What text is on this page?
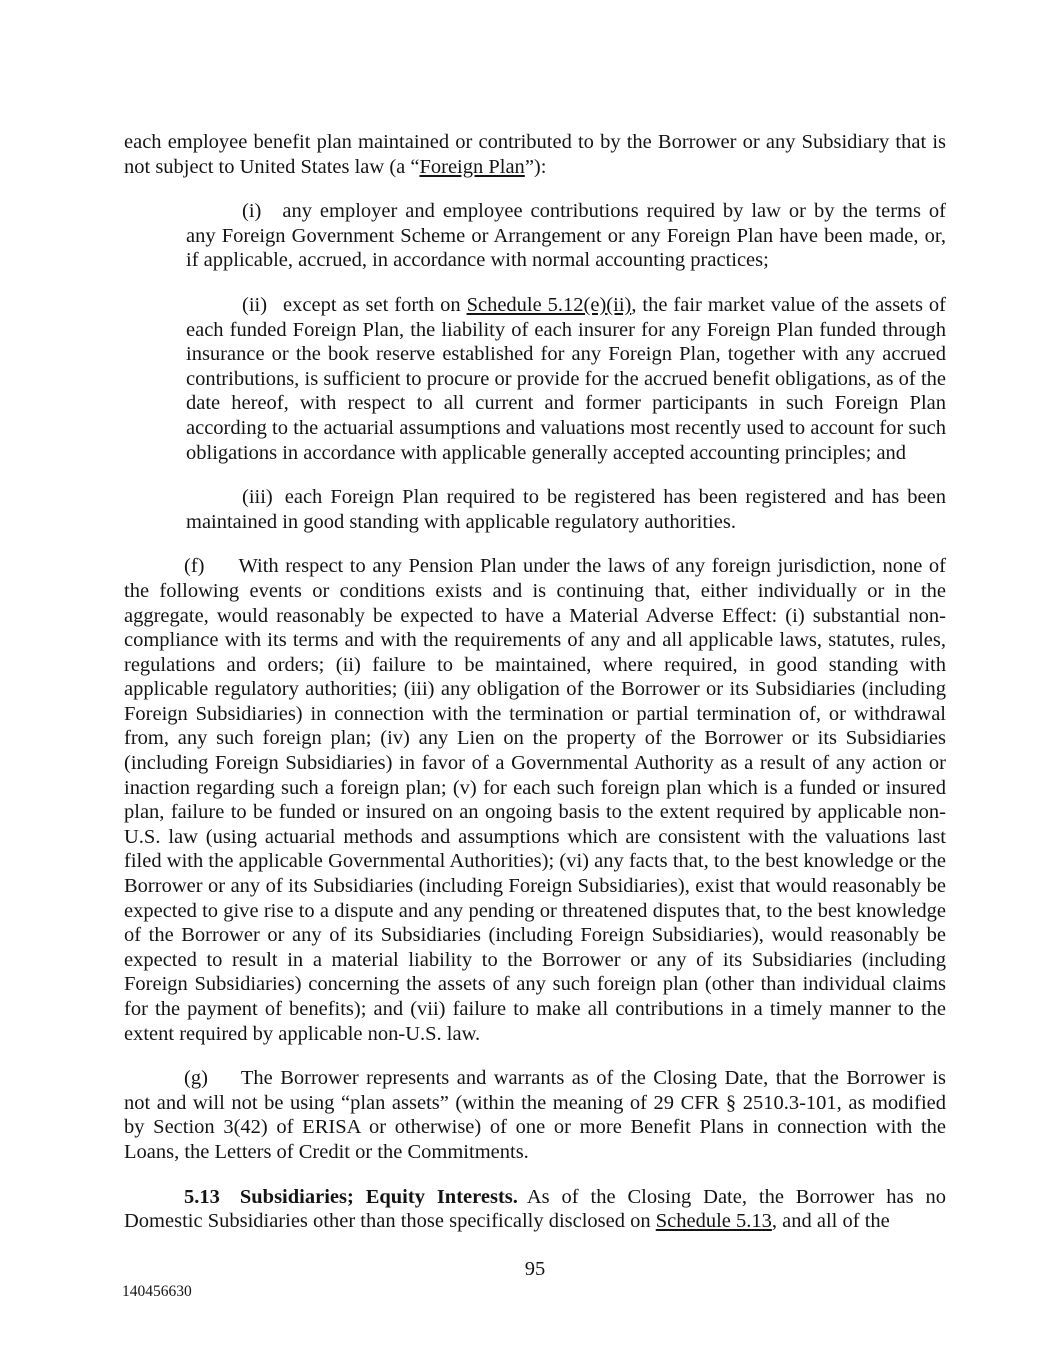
each employee benefit plan maintained or contributed to by the Borrower or any Subsidiary that is not subject to United States law (a “Foreign Plan”):

(i) any employer and employee contributions required by law or by the terms of any Foreign Government Scheme or Arrangement or any Foreign Plan have been made, or, if applicable, accrued, in accordance with normal accounting practices;

(ii) except as set forth on Schedule 5.12(e)(ii), the fair market value of the assets of each funded Foreign Plan, the liability of each insurer for any Foreign Plan funded through insurance or the book reserve established for any Foreign Plan, together with any accrued contributions, is sufficient to procure or provide for the accrued benefit obligations, as of the date hereof, with respect to all current and former participants in such Foreign Plan according to the actuarial assumptions and valuations most recently used to account for such obligations in accordance with applicable generally accepted accounting principles; and

(iii) each Foreign Plan required to be registered has been registered and has been maintained in good standing with applicable regulatory authorities.

(f) With respect to any Pension Plan under the laws of any foreign jurisdiction, none of the following events or conditions exists and is continuing that, either individually or in the aggregate, would reasonably be expected to have a Material Adverse Effect: (i) substantial non-compliance with its terms and with the requirements of any and all applicable laws, statutes, rules, regulations and orders; (ii) failure to be maintained, where required, in good standing with applicable regulatory authorities; (iii) any obligation of the Borrower or its Subsidiaries (including Foreign Subsidiaries) in connection with the termination or partial termination of, or withdrawal from, any such foreign plan; (iv) any Lien on the property of the Borrower or its Subsidiaries (including Foreign Subsidiaries) in favor of a Governmental Authority as a result of any action or inaction regarding such a foreign plan; (v) for each such foreign plan which is a funded or insured plan, failure to be funded or insured on an ongoing basis to the extent required by applicable non-U.S. law (using actuarial methods and assumptions which are consistent with the valuations last filed with the applicable Governmental Authorities); (vi) any facts that, to the best knowledge or the Borrower or any of its Subsidiaries (including Foreign Subsidiaries), exist that would reasonably be expected to give rise to a dispute and any pending or threatened disputes that, to the best knowledge of the Borrower or any of its Subsidiaries (including Foreign Subsidiaries), would reasonably be expected to result in a material liability to the Borrower or any of its Subsidiaries (including Foreign Subsidiaries) concerning the assets of any such foreign plan (other than individual claims for the payment of benefits); and (vii) failure to make all contributions in a timely manner to the extent required by applicable non-U.S. law.

(g) The Borrower represents and warrants as of the Closing Date, that the Borrower is not and will not be using “plan assets” (within the meaning of 29 CFR § 2510.3-101, as modified by Section 3(42) of ERISA or otherwise) of one or more Benefit Plans in connection with the Loans, the Letters of Credit or the Commitments.

5.13 Subsidiaries; Equity Interests. As of the Closing Date, the Borrower has no Domestic Subsidiaries other than those specifically disclosed on Schedule 5.13, and all of the

95
140456630
